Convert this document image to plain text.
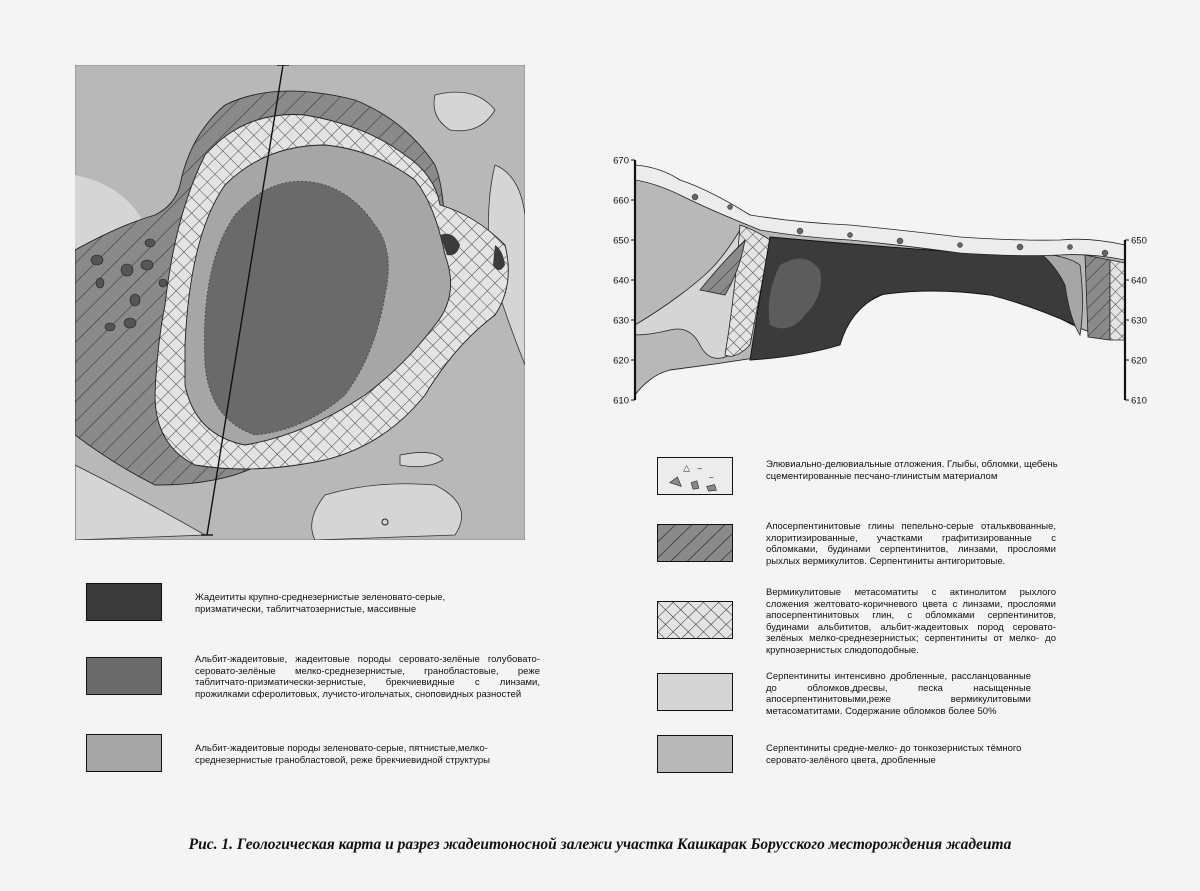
670
660
650
640
630
620
610
650
640
630
620
610
Жадеититы крупно-среднезернистые зеленовато-серые, призматически, таблитчатозернистые, массивные
Альбит-жадеитовые, жадеитовые породы серовато-зелёные голубовато-серовато-зелёные мелко-среднезернистые, гранобластовые, реже таблитчато-призматически-зернистые, брекчиевидные с линзами, прожилками сферолитовых, лучисто-игольчатых, сноповидных разностей
Альбит-жадеитовые породы зеленовато-серые, пятнистые,мелко-среднезернистые гранобластовой, реже брекчиевидной структуры
△ ~
~
Элювиально-делювиальные отложения. Глыбы, обломки, щебень сцементированные песчано-глинистым материалом
Апосерпентинитовые глины пепельно-серые отальквованные, хлоритизированные, участками графитизированные с обломками, будинами серпентинитов, линзами, прослоями рыхлых вермикулитов. Серпентиниты антигоритовые.
Вермикулитовые метасоматиты с актинолитом рыхлого сложения желтовато-коричневого цвета с линзами, прослоями апосерпентинитовых глин, с обломками серпентинитов, будинами альбититов, альбит-жадеитовых пород серовато-зелёных мелко-среднезернистых; серпентиниты от мелко- до крупнозернистых слюдоподобные.
Серпентиниты интенсивно дробленные, рассланцованные до обломков,дресвы, песка насыщенные апосерпентинитовыми,реже вермикулитовыми метасоматитами. Содержание обломков более 50%
Серпентиниты средне-мелко- до тонкозернистых тёмного серовато-зелёного цвета, дробленные
Рис. 1. Геологическая карта и разрез жадеитоносной залежи участка Кашкарак Борусского месторождения жадеита
